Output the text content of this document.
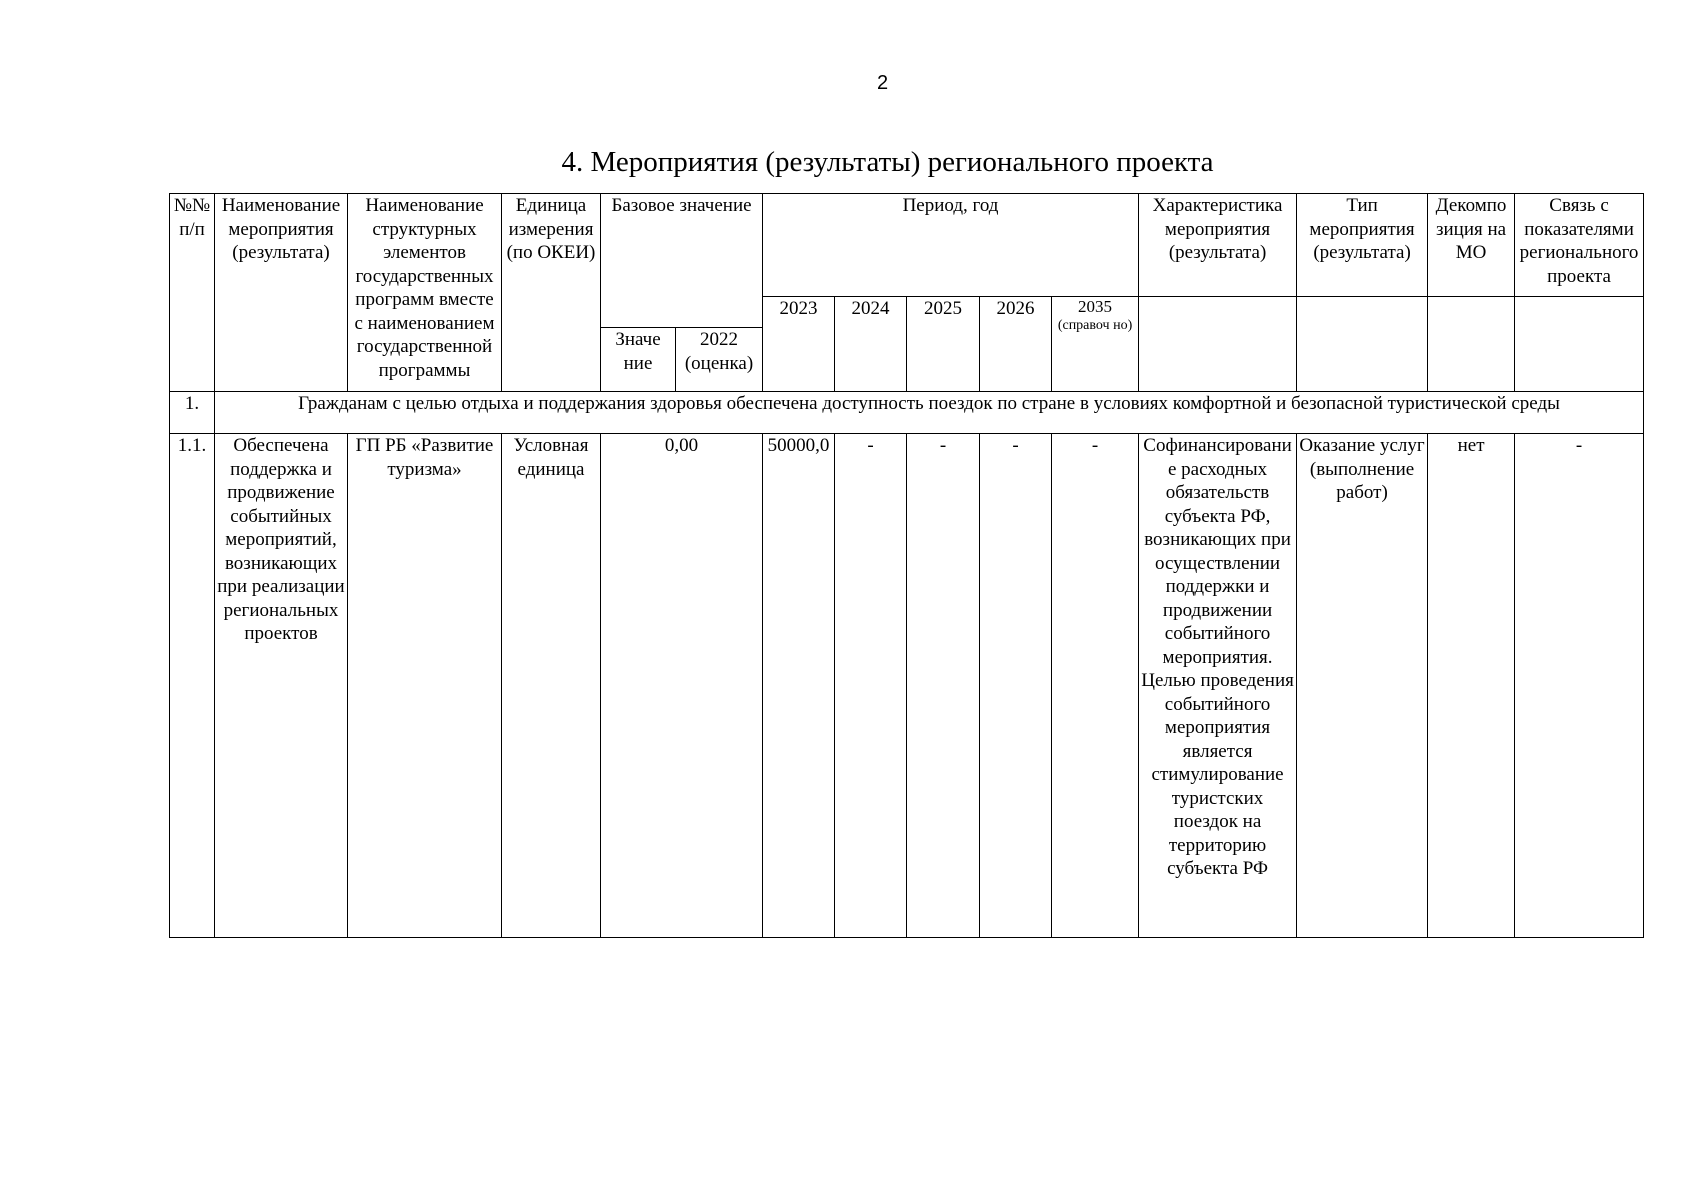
2
4. Мероприятия (результаты) регионального проекта
№№ п/п	Наименование мероприятия (результата)	Наименование структурных элементов государственных программ вместе с наименованием государственной программы	Единица измерения (по ОКЕИ)	Базовое значение		Период, год					Характеристика мероприятия (результата)	Тип мероприятия (результата)	Декомпо зиция на МО	Связь с показателями регионального проекта
						2023	2024	2025	2026	2035
(справоч но)				

				Значе ние	2022 (оценка)									
1.	Гражданам с целью отдыха и поддержания здоровья обеспечена доступность поездок по стране в условиях комфортной и безопасной туристической среды													
1.1.	Обеспечена поддержка и продвижение событийных мероприятий, возникающих при реализации региональных проектов	ГП РБ «Развитие туризма»	Условная единица	0,00		50000,0	-	-	-	-	Софинансирование расходных обязательств субъекта РФ, возникающих при осуществлении поддержки и продвижении событийного мероприятия. Целью проведения событийного мероприятия является стимулирование туристских поездок на территорию субъекта РФ	Оказание услуг (выполнение работ)	нет	-
